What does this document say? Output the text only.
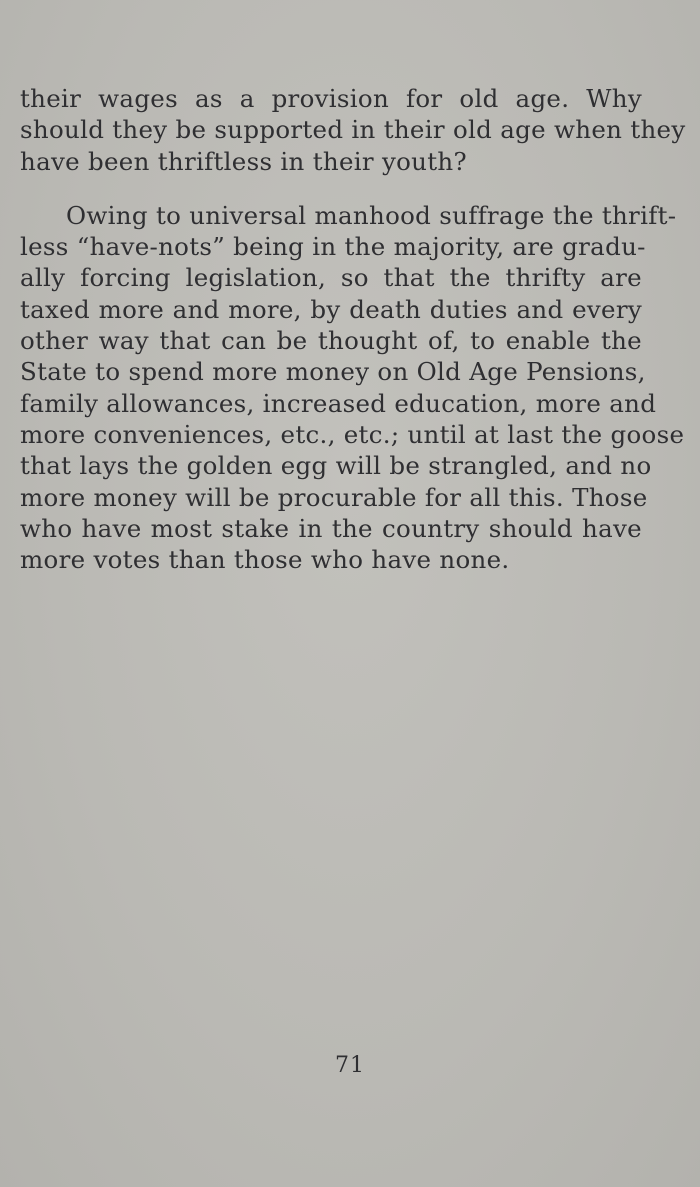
their wages as a provision for old age. Why
should they be supported in their old age when they
have been thriftless in their youth?
Owing to universal manhood suffrage the thrift-
less “have-nots” being in the majority, are gradu-
ally forcing legislation, so that the thrifty are
taxed more and more, by death duties and every
other way that can be thought of, to enable the
State to spend more money on Old Age Pensions,
family allowances, increased education, more and
more conveniences, etc., etc.; until at last the goose
that lays the golden egg will be strangled, and no
more money will be procurable for all this. Those
who have most stake in the country should have
more votes than those who have none.
71
